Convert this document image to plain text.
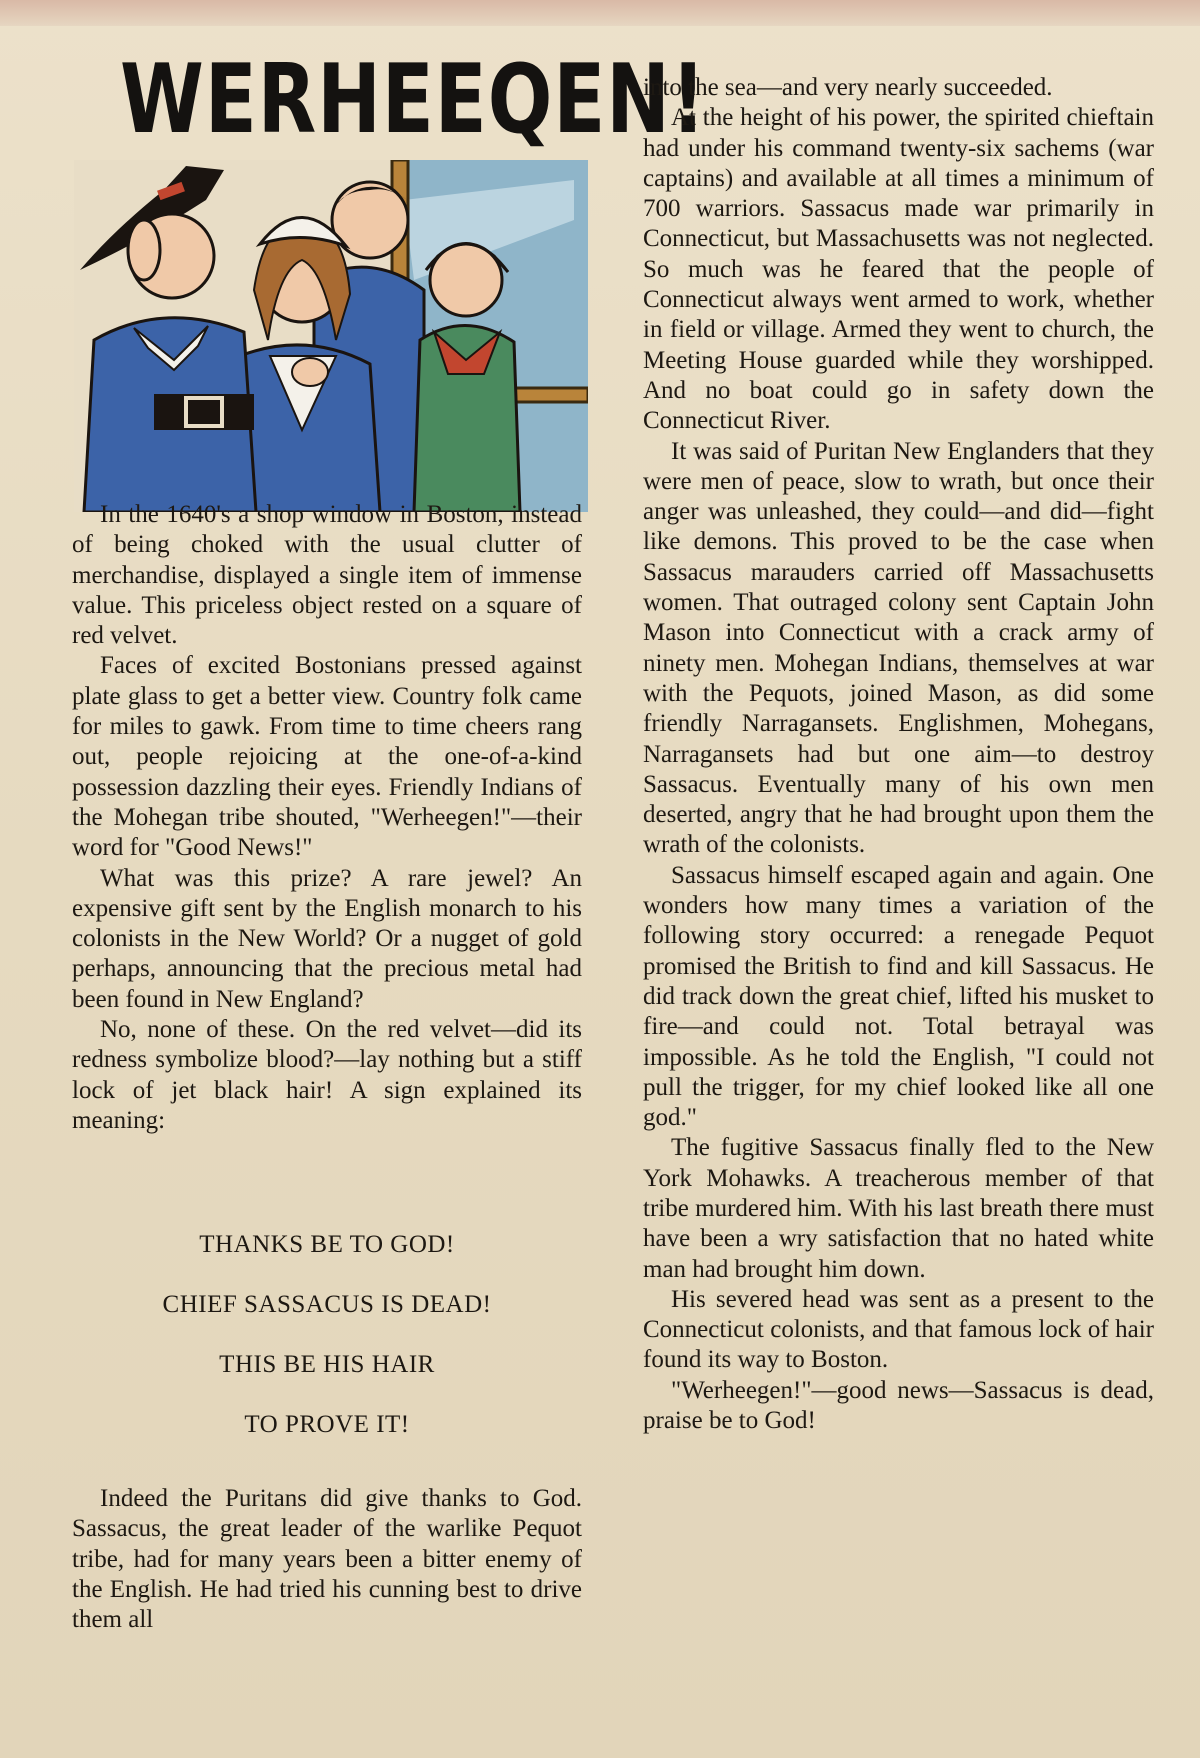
WERHEEQEN!

In the 1640's a shop window in Boston, instead of being choked with the usual clutter of merchandise, displayed a single item of immense value. This priceless object rested on a square of red velvet.

Faces of excited Bostonians pressed against plate glass to get a better view. Country folk came for miles to gawk. From time to time cheers rang out, people rejoicing at the one-of-a-kind possession dazzling their eyes. Friendly Indians of the Mohegan tribe shouted, "Werheegen!"—their word for "Good News!"

What was this prize? A rare jewel? An expensive gift sent by the English monarch to his colonists in the New World? Or a nugget of gold perhaps, announcing that the precious metal had been found in New England?

No, none of these. On the red velvet—did its redness symbolize blood?—lay nothing but a stiff lock of jet black hair! A sign explained its meaning:

THANKS BE TO GOD!
CHIEF SASSACUS IS DEAD!
THIS BE HIS HAIR
TO PROVE IT!

Indeed the Puritans did give thanks to God. Sassacus, the great leader of the warlike Pequot tribe, had for many years been a bitter enemy of the English. He had tried his cunning best to drive them all

into the sea—and very nearly succeeded.

At the height of his power, the spirited chieftain had under his command twenty-six sachems (war captains) and available at all times a minimum of 700 warriors. Sassacus made war primarily in Connecticut, but Massachusetts was not neglected. So much was he feared that the people of Connecticut always went armed to work, whether in field or village. Armed they went to church, the Meeting House guarded while they worshipped. And no boat could go in safety down the Connecticut River.

It was said of Puritan New Englanders that they were men of peace, slow to wrath, but once their anger was unleashed, they could—and did—fight like demons. This proved to be the case when Sassacus marauders carried off Massachusetts women. That outraged colony sent Captain John Mason into Connecticut with a crack army of ninety men. Mohegan Indians, themselves at war with the Pequots, joined Mason, as did some friendly Narragansets. Englishmen, Mohegans, Narragansets had but one aim—to destroy Sassacus. Eventually many of his own men deserted, angry that he had brought upon them the wrath of the colonists.

Sassacus himself escaped again and again. One wonders how many times a variation of the following story occurred: a renegade Pequot promised the British to find and kill Sassacus. He did track down the great chief, lifted his musket to fire—and could not. Total betrayal was impossible. As he told the English, "I could not pull the trigger, for my chief looked like all one god."

The fugitive Sassacus finally fled to the New York Mohawks. A treacherous member of that tribe murdered him. With his last breath there must have been a wry satisfaction that no hated white man had brought him down.

His severed head was sent as a present to the Connecticut colonists, and that famous lock of hair found its way to Boston.

"Werheegen!"—good news—Sassacus is dead, praise be to God!
